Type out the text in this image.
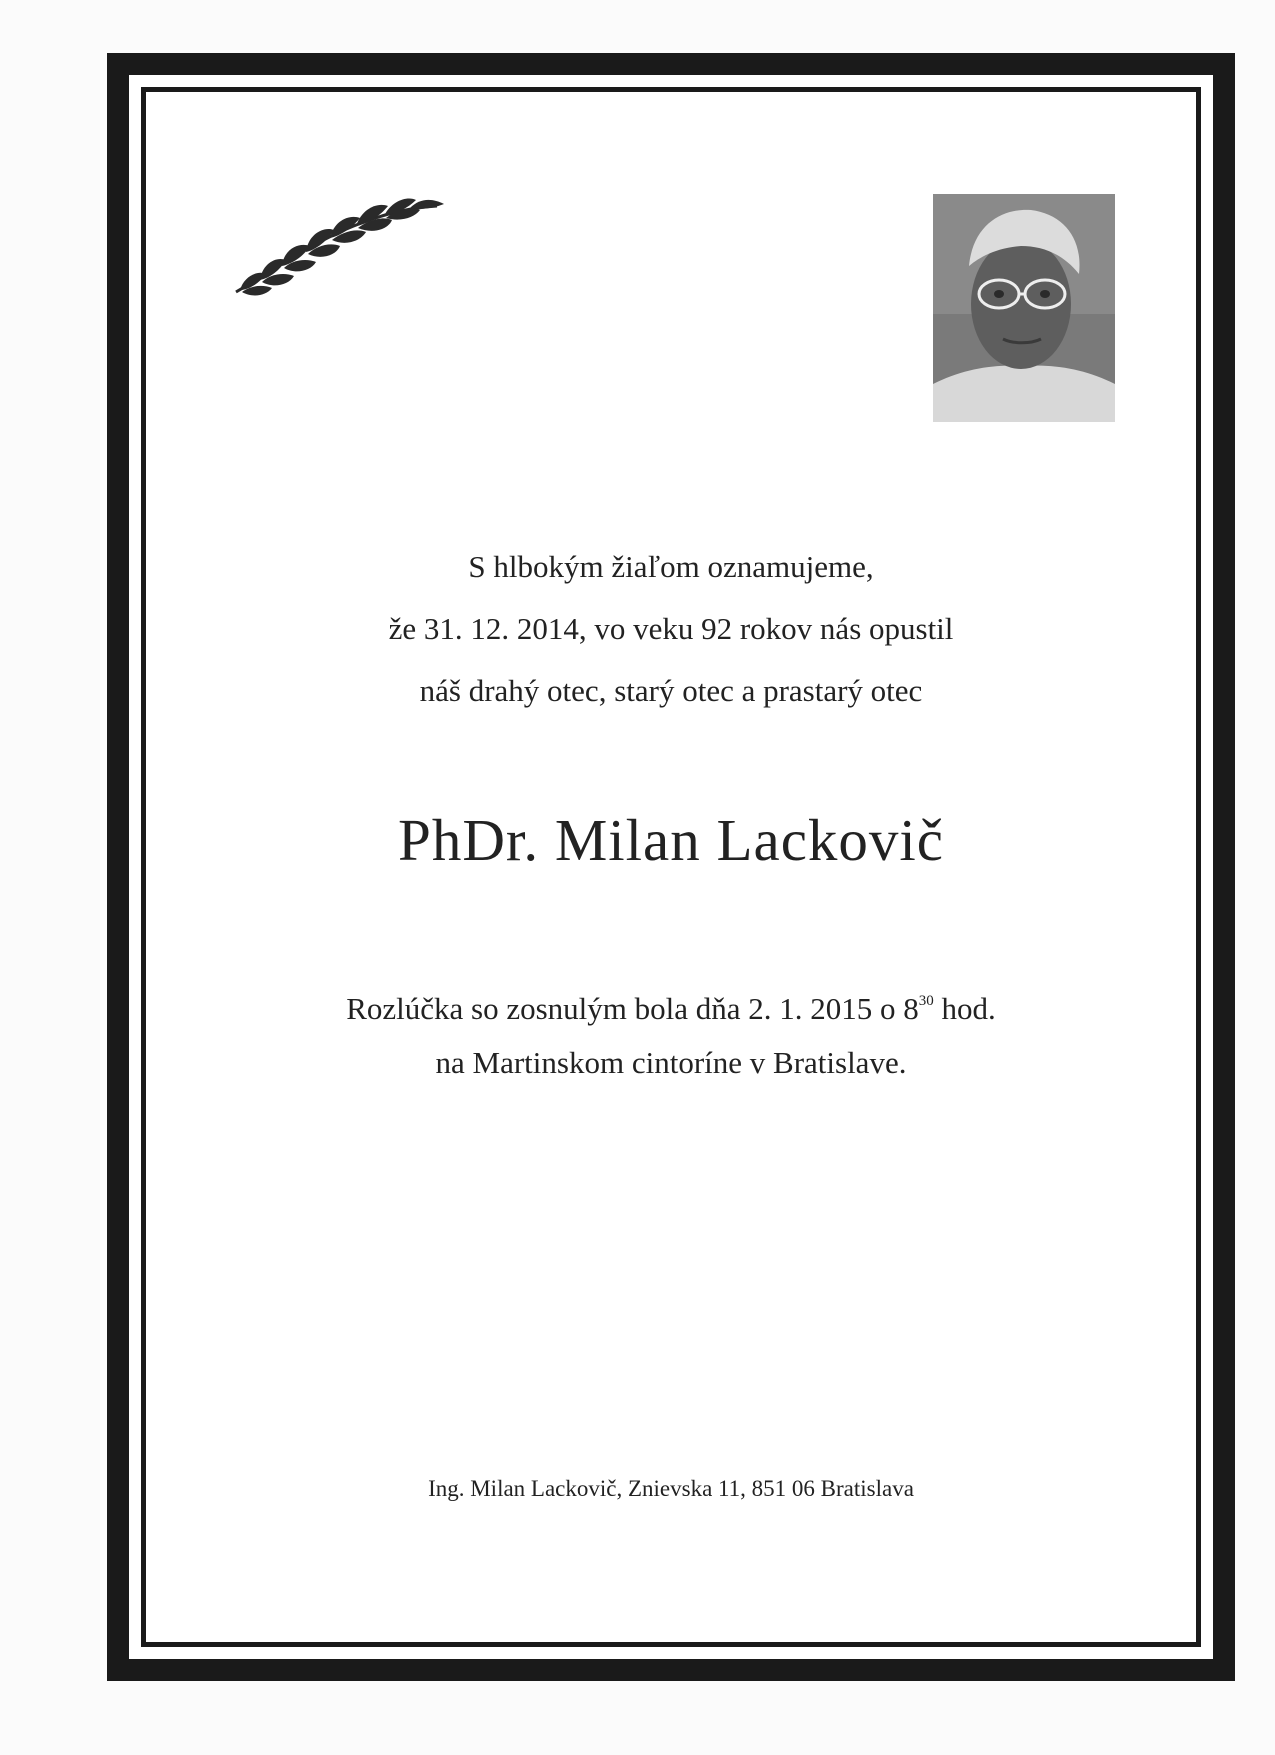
S hlbokým žiaľom oznamujeme,
že 31. 12. 2014, vo veku 92 rokov nás opustil
náš drahý otec, starý otec a prastarý otec
PhDr. Milan Lackovič
Rozlúčka so zosnulým bola dňa 2. 1. 2015 o $8^{30}$ hod.
na Martinskom cintoríne v Bratislave.
Ing. Milan Lackovič, Znievska 11, 851 06 Bratislava
